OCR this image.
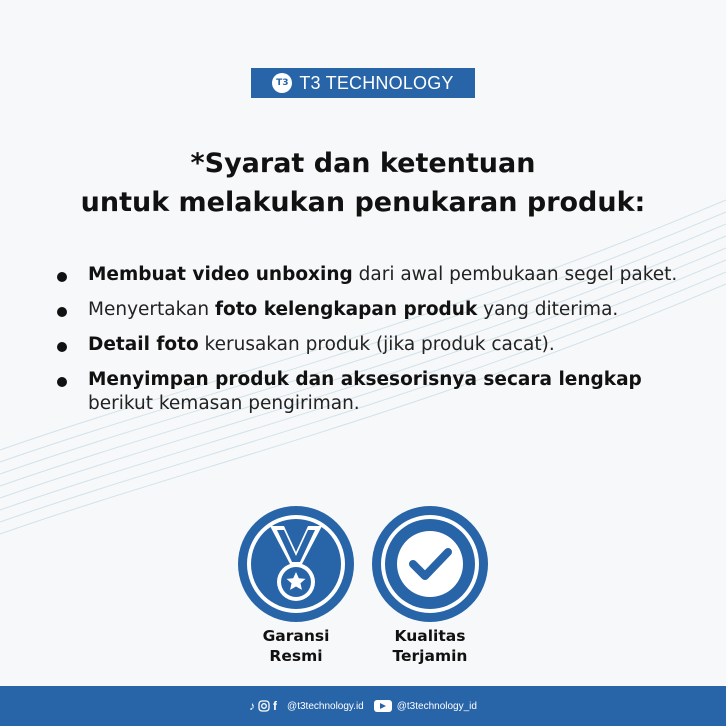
T3 T3 TECHNOLOGY
*Syarat dan ketentuan
untuk melakukan penukaran produk:
Membuat video unboxing dari awal pembukaan segel paket.
Menyertakan foto kelengkapan produk yang diterima.
Detail foto kerusakan produk (jika produk cacat).
Menyimpan produk dan aksesorisnya secara lengkap berikut kemasan pengiriman.
Garansi
Resmi
Kualitas
Terjamin
♪ f @t3technology.id	@t3technology_id
